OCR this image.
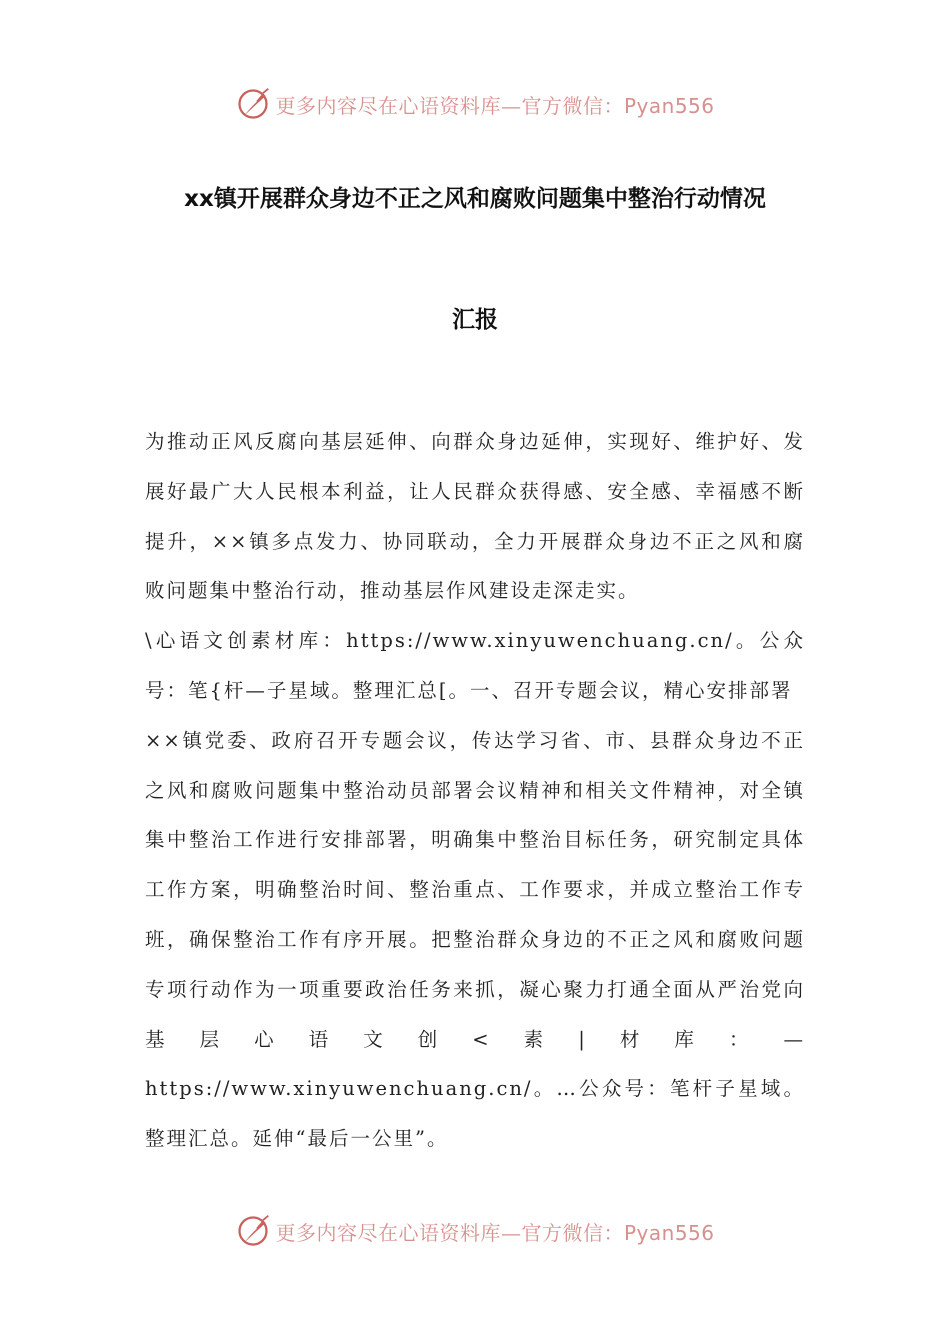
更多内容尽在心语资料库—官方微信：Pyan556
xx镇开展群众身边不正之风和腐败问题集中整治行动情况
汇报

为推动正风反腐向基层延伸、向群众身边延伸，实现好、维护好、发展好最广大人民根本利益，让人民群众获得感、安全感、幸福感不断提升，××镇多点发力、协同联动，全力开展群众身边不正之风和腐败问题集中整治行动，推动基层作风建设走深走实。

\心语文创素材库：https://www.xinyuwenchuang.cn/。公众号：笔{杆—子星域。整理汇总[。一、召开专题会议，精心安排部署

××镇党委、政府召开专题会议，传达学习省、市、县群众身边不正之风和腐败问题集中整治动员部署会议精神和相关文件精神，对全镇集中整治工作进行安排部署，明确集中整治目标任务，研究制定具体工作方案，明确整治时间、整治重点、工作要求，并成立整治工作专班，确保整治工作有序开展。把整治群众身边的不正之风和腐败问题专项行动作为一项重要政治任务来抓，凝心聚力打通全面从严治党向基层心语文创<素|材库：—

https://www.xinyuwenchuang.cn/。…公众号：笔杆子星域。整理汇总。延伸“最后一公里”。

更多内容尽在心语资料库—官方微信：Pyan556
